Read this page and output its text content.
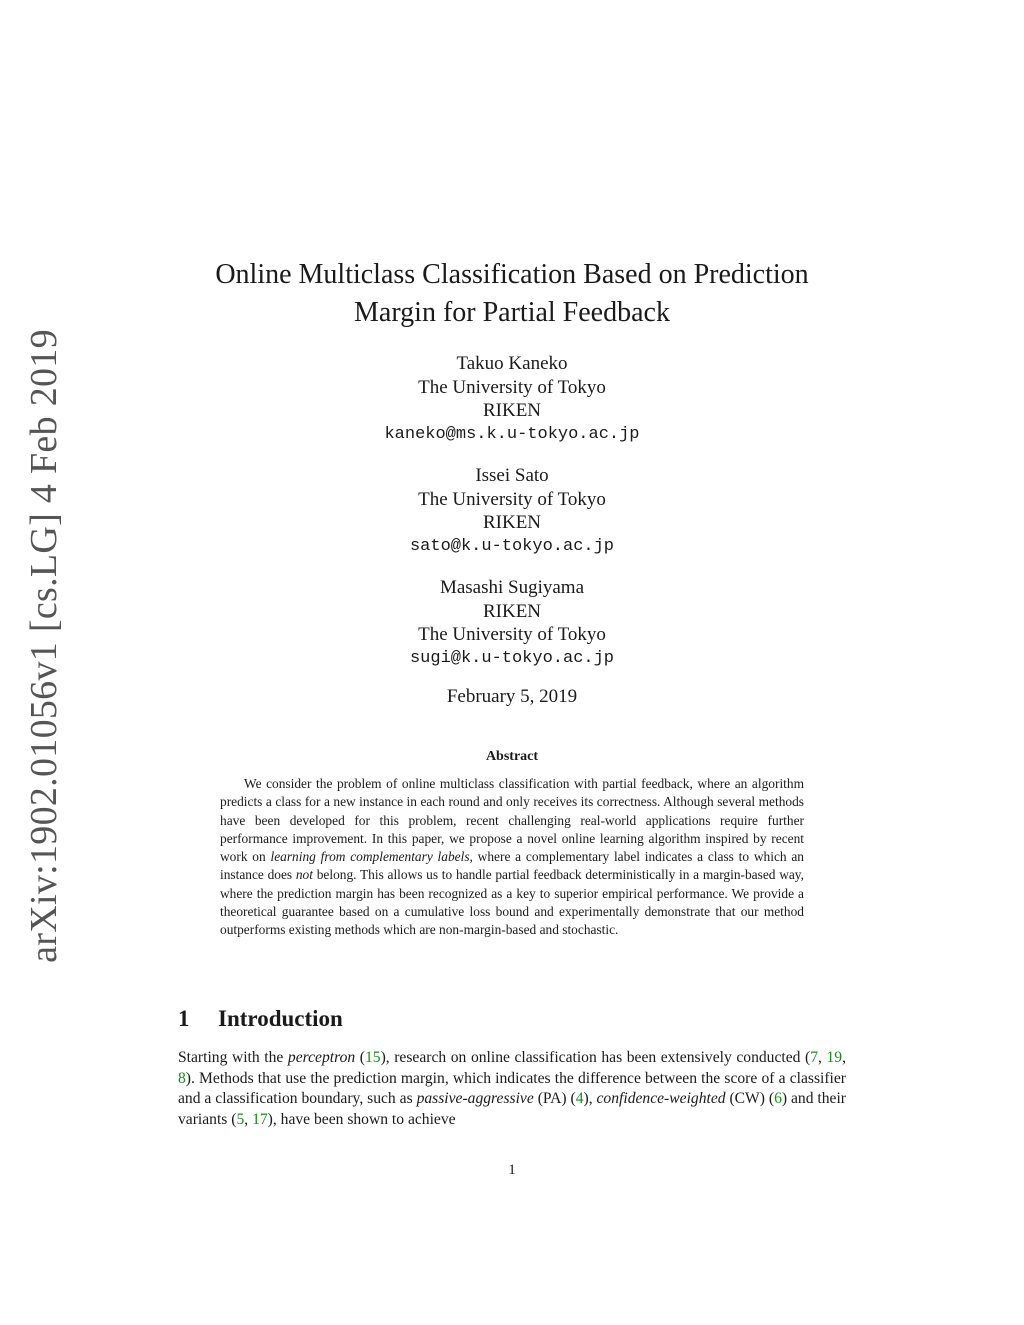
arXiv:1902.01056v1 [cs.LG] 4 Feb 2019
Online Multiclass Classification Based on Prediction
Margin for Partial Feedback
Takuo Kaneko
The University of Tokyo
RIKEN
kaneko@ms.k.u-tokyo.ac.jp
Issei Sato
The University of Tokyo
RIKEN
sato@k.u-tokyo.ac.jp
Masashi Sugiyama
RIKEN
The University of Tokyo
sugi@k.u-tokyo.ac.jp
February 5, 2019
Abstract

We consider the problem of online multiclass classification with partial feedback, where an algorithm predicts a class for a new instance in each round and only receives its correctness. Although several methods have been developed for this problem, recent challenging real-world applications require further performance improvement. In this paper, we propose a novel online learning algorithm inspired by recent work on learning from complementary labels, where a complementary label indicates a class to which an instance does not belong. This allows us to handle partial feedback deterministically in a margin-based way, where the prediction margin has been recognized as a key to superior empirical performance. We provide a theoretical guarantee based on a cumulative loss bound and experimentally demonstrate that our method outperforms existing methods which are non-margin-based and stochastic.

1 Introduction

Starting with the perceptron (15), research on online classification has been extensively conducted (7, 19, 8). Methods that use the prediction margin, which indicates the difference between the score of a classifier and a classification boundary, such as passive-aggressive (PA) (4), confidence-weighted (CW) (6) and their variants (5, 17), have been shown to achieve

1
